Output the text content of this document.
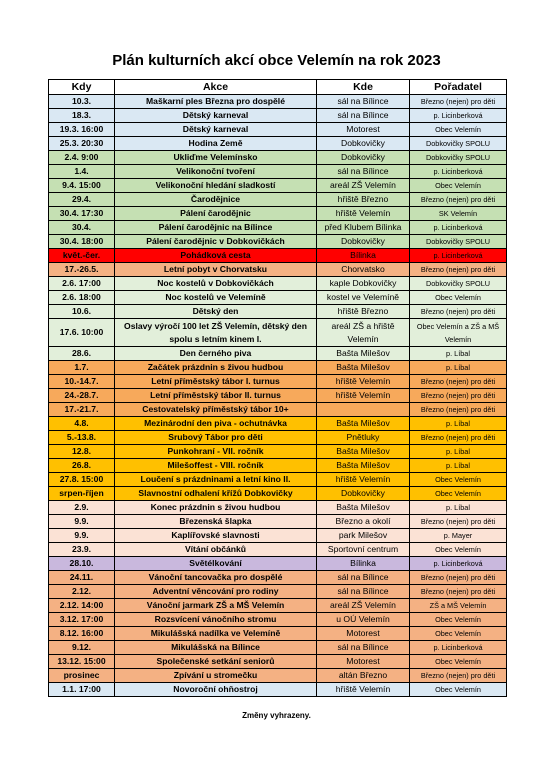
Plán kulturních akcí obce Velemín na rok 2023
Kdy	Akce	Kde	Pořadatel
10.3.	Maškarní ples Března pro dospělé	sál na Bílince	Březno (nejen) pro děti
18.3.	Dětský karneval	sál na Bílince	p. Licinberková
19.3. 16:00	Dětský karneval	Motorest	Obec Velemín
25.3. 20:30	Hodina Země	Dobkovičky	Dobkovičky SPOLU
2.4. 9:00	Ukliďme Velemínsko	Dobkovičky	Dobkovičky SPOLU
1.4.	Velikonoční tvoření	sál na Bílince	p. Licinberková
9.4. 15:00	Velikonoční hledání sladkostí	areál ZŠ Velemín	Obec Velemín
29.4.	Čarodějnice	hřiště Březno	Březno (nejen) pro děti
30.4. 17:30	Pálení čarodějnic	hřiště Velemín	SK Velemín
30.4.	Pálení čarodějnic na Bílince	před Klubem Bílinka	p. Licinberková
30.4. 18:00	Pálení čarodějnic v Dobkovičkách	Dobkovičky	Dobkovičky SPOLU
květ.-čer.	Pohádková cesta	Bílinka	p. Licinberková
17.-26.5.	Letní pobyt v Chorvatsku	Chorvatsko	Březno (nejen) pro děti
2.6. 17:00	Noc kostelů v Dobkovičkách	kaple Dobkovičky	Dobkovičky SPOLU
2.6. 18:00	Noc kostelů ve Velemíně	kostel ve Velemíně	Obec Velemín
10.6.	Dětský den	hřiště Březno	Březno (nejen) pro děti
17.6. 10:00	Oslavy výročí 100 let ZŠ Velemín, dětský den spolu s letním kinem I.	areál ZŠ a hřiště Velemín	Obec Velemín a ZŠ a MŠ Velemín
28.6.	Den černého piva	Bašta Milešov	p. Líbal
1.7.	Začátek prázdnin s živou hudbou	Bašta Milešov	p. Líbal
10.-14.7.	Letní příměstský tábor I. turnus	hřiště Velemín	Březno (nejen) pro děti
24.-28.7.	Letní příměstský tábor II. turnus	hřiště Velemín	Březno (nejen) pro děti
17.-21.7.	Cestovatelský příměstský tábor 10+		Březno (nejen) pro děti
4.8.	Mezinárodní den piva - ochutnávka	Bašta Milešov	p. Líbal
5.-13.8.	Srubový Tábor pro děti	Pnětluky	Březno (nejen) pro děti
12.8.	Punkohraní - VII. ročník	Bašta Milešov	p. Líbal
26.8.	Milešoffest - VIII. ročník	Bašta Milešov	p. Líbal
27.8. 15:00	Loučení s prázdninami a letní kino II.	hřiště Velemín	Obec Velemín
srpen-říjen	Slavnostní odhalení křížů Dobkovičky	Dobkovičky	Obec Velemín
2.9.	Konec prázdnin s živou hudbou	Bašta Milešov	p. Líbal
9.9.	Březenská šlapka	Březno a okolí	Březno (nejen) pro děti
9.9.	Kaplířovské slavnosti	park Milešov	p. Mayer
23.9.	Vítání občánků	Sportovní centrum	Obec Velemín
28.10.	Světélkování	Bílinka	p. Licinberková
24.11.	Vánoční tancovačka pro dospělé	sál na Bílince	Březno (nejen) pro děti
2.12.	Adventní věncování pro rodiny	sál na Bílince	Březno (nejen) pro děti
2.12. 14:00	Vánoční jarmark ZŠ a MŠ Velemín	areál ZŠ Velemín	ZŠ a MŠ Velemín
3.12. 17:00	Rozsvícení vánočního stromu	u OÚ Velemín	Obec Velemín
8.12. 16:00	Mikulášská nadílka ve Velemíně	Motorest	Obec Velemín
9.12.	Mikulášská na Bílince	sál na Bílince	p. Licinberková
13.12. 15:00	Společenské setkání seniorů	Motorest	Obec Velemín
prosinec	Zpívání u stromečku	altán Březno	Březno (nejen) pro děti
1.1. 17:00	Novoroční ohňostroj	hřiště Velemín	Obec Velemín
Změny vyhrazeny.
